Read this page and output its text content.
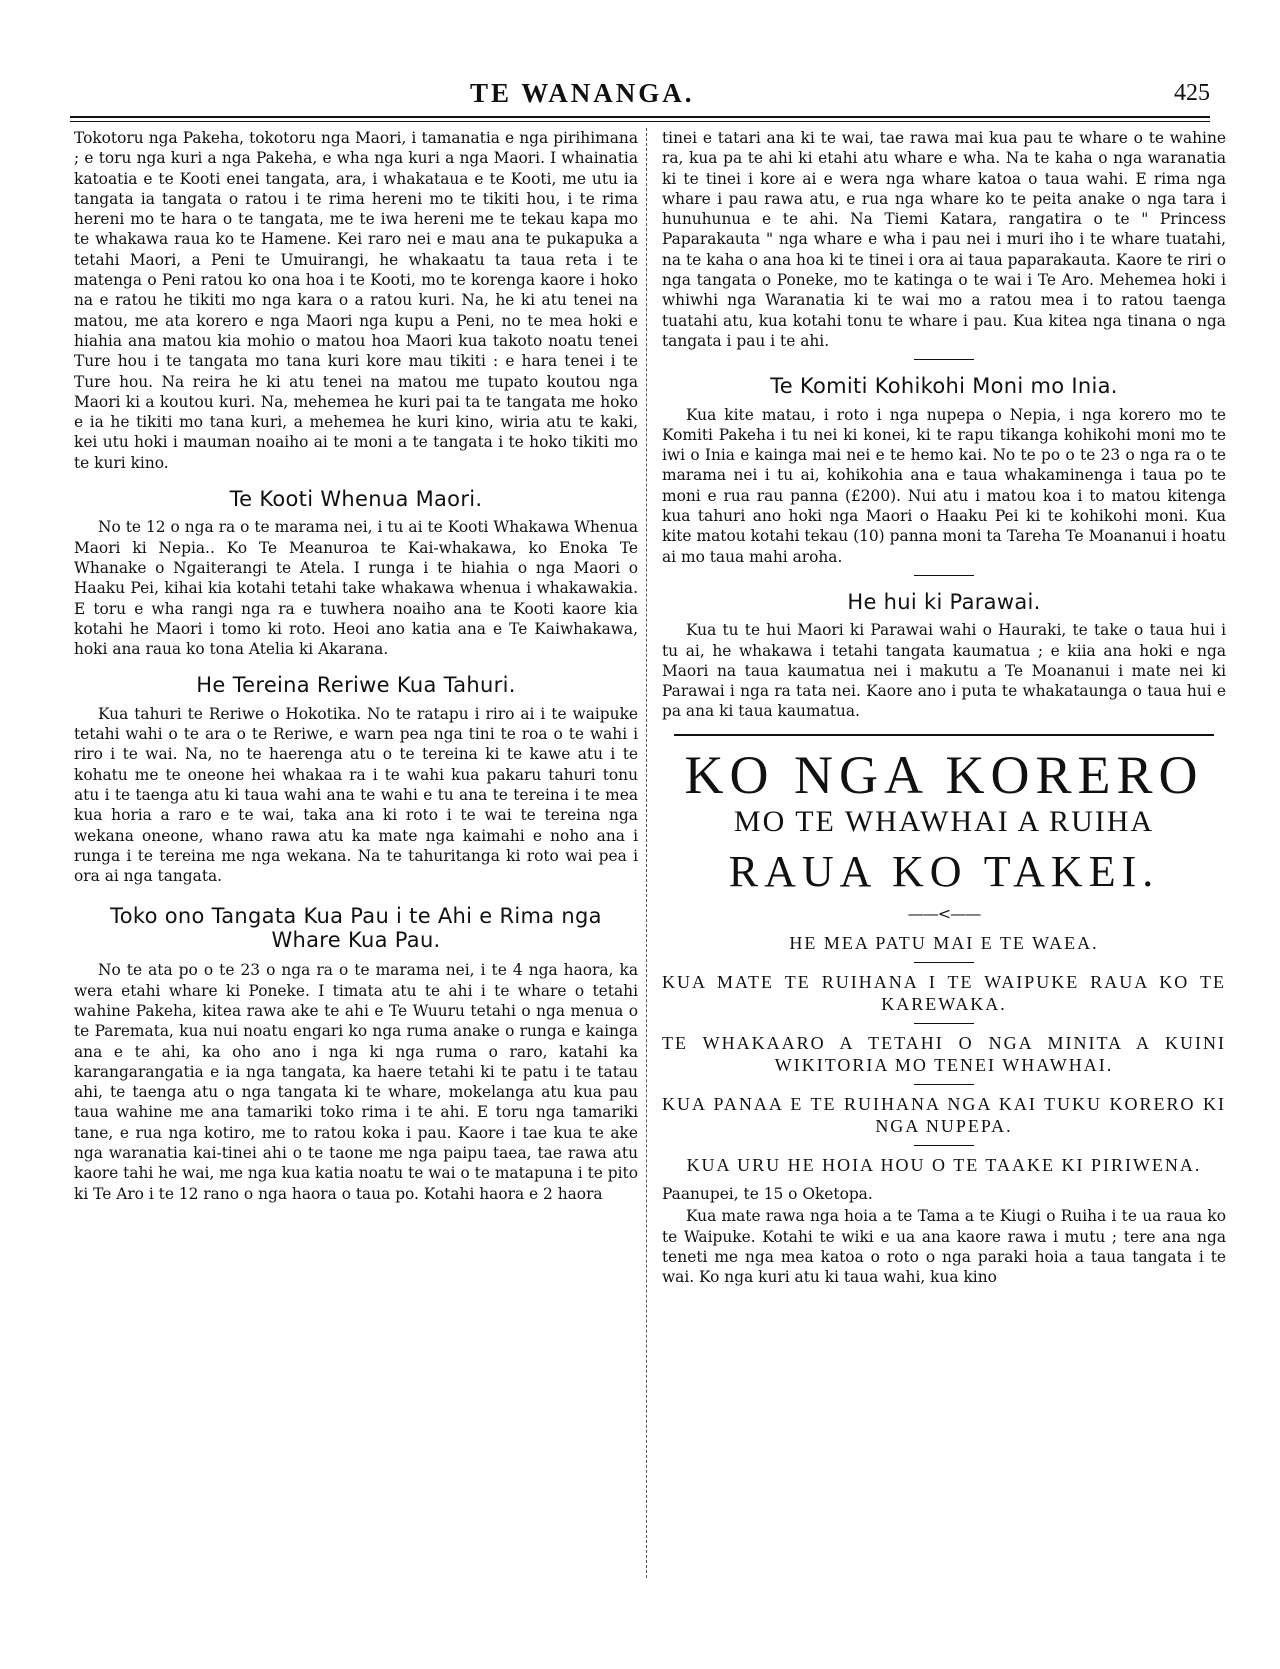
TE WANANGA.	425

Tokotoru nga Pakeha, tokotoru nga Maori, i tamanatia e nga pirihimana ; e toru nga kuri a nga Pakeha, e wha nga kuri a nga Maori. I whainatia katoatia e te Kooti enei tangata, ara, i whakataua e te Kooti, me utu ia tangata ia tangata o ratou i te rima hereni mo te tikiti hou, i te rima hereni mo te hara o te tangata, me te iwa hereni me te tekau kapa mo te whakawa raua ko te Hamene. Kei raro nei e mau ana te pukapuka a tetahi Maori, a Peni te Umuirangi, he whakaatu ta taua reta i te matenga o Peni ratou ko ona hoa i te Kooti, mo te korenga kaore i hoko na e ratou he tikiti mo nga kara o a ratou kuri. Na, he ki atu tenei na matou, me ata korero e nga Maori nga kupu a Peni, no te mea hoki e hiahia ana matou kia mohio o matou hoa Maori kua takoto noatu tenei Ture hou i te tangata mo tana kuri kore mau tikiti : e hara tenei i te Ture hou. Na reira he ki atu tenei na matou me tupato koutou nga Maori ki a koutou kuri. Na, mehemea he kuri pai ta te tangata me hoko e ia he tikiti mo tana kuri, a mehemea he kuri kino, wiria atu te kaki, kei utu hoki i mauman noaiho ai te moni a te tangata i te hoko tikiti mo te kuri kino.

Te Kooti Whenua Maori.

No te 12 o nga ra o te marama nei, i tu ai te Kooti Whakawa Whenua Maori ki Nepia.. Ko Te Meanuroa te Kai-whakawa, ko Enoka Te Whanake o Ngaiterangi te Atela. I runga i te hiahia o nga Maori o Haaku Pei, kihai kia kotahi tetahi take whakawa whenua i whakawakia. E toru e wha rangi nga ra e tuwhera noaiho ana te Kooti kaore kia kotahi he Maori i tomo ki roto. Heoi ano katia ana e Te Kaiwhakawa, hoki ana raua ko tona Atelia ki Akarana.

He Tereina Reriwe Kua Tahuri.

Kua tahuri te Reriwe o Hokotika. No te ratapu i riro ai i te waipuke tetahi wahi o te ara o te Reriwe, e warn pea nga tini te roa o te wahi i riro i te wai. Na, no te haerenga atu o te tereina ki te kawe atu i te kohatu me te oneone hei whakaa ra i te wahi kua pakaru tahuri tonu atu i te taenga atu ki taua wahi ana te wahi e tu ana te tereina i te mea kua horia a raro e te wai, taka ana ki roto i te wai te tereina nga wekana oneone, whano rawa atu ka mate nga kaimahi e noho ana i runga i te tereina me nga wekana. Na te tahuritanga ki roto wai pea i ora ai nga tangata.

Toko ono Tangata Kua Pau i te Ahi e Rima nga Whare Kua Pau.

No te ata po o te 23 o nga ra o te marama nei, i te 4 nga haora, ka wera etahi whare ki Poneke. I timata atu te ahi i te whare o tetahi wahine Pakeha, kitea rawa ake te ahi e Te Wuuru tetahi o nga menua o te Paremata, kua nui noatu engari ko nga ruma anake o runga e kainga ana e te ahi, ka oho ano i nga ki nga ruma o raro, katahi ka karangarangatia e ia nga tangata, ka haere tetahi ki te patu i te tatau ahi, te taenga atu o nga tangata ki te whare, mokelanga atu kua pau taua wahine me ana tamariki toko rima i te ahi. E toru nga tamariki tane, e rua nga kotiro, me to ratou koka i pau. Kaore i tae kua te ake nga waranatia kai-tinei ahi o te taone me nga paipu taea, tae rawa atu kaore tahi he wai, me nga kua katia noatu te wai o te matapuna i te pito ki Te Aro i te 12 rano o nga haora o taua po. Kotahi haora e 2 haora

tinei e tatari ana ki te wai, tae rawa mai kua pau te whare o te wahine ra, kua pa te ahi ki etahi atu whare e wha. Na te kaha o nga waranatia ki te tinei i kore ai e wera nga whare katoa o taua wahi. E rima nga whare i pau rawa atu, e rua nga whare ko te peita anake o nga tara i hunuhunua e te ahi. Na Tiemi Katara, rangatira o te " Princess Paparakauta " nga whare e wha i pau nei i muri iho i te whare tuatahi, na te kaha o ana hoa ki te tinei i ora ai taua paparakauta. Kaore te riri o nga tangata o Poneke, mo te katinga o te wai i Te Aro. Mehemea hoki i whiwhi nga Waranatia ki te wai mo a ratou mea i to ratou taenga tuatahi atu, kua kotahi tonu te whare i pau. Kua kitea nga tinana o nga tangata i pau i te ahi.

Te Komiti Kohikohi Moni mo Inia.

Kua kite matau, i roto i nga nupepa o Nepia, i nga korero mo te Komiti Pakeha i tu nei ki konei, ki te rapu tikanga kohikohi moni mo te iwi o Inia e kainga mai nei e te hemo kai. No te po o te 23 o nga ra o te marama nei i tu ai, kohikohia ana e taua whakaminenga i taua po te moni e rua rau panna (£200). Nui atu i matou koa i to matou kitenga kua tahuri ano hoki nga Maori o Haaku Pei ki te kohikohi moni. Kua kite matou kotahi tekau (10) panna moni ta Tareha Te Moananui i hoatu ai mo taua mahi aroha.

He hui ki Parawai.

Kua tu te hui Maori ki Parawai wahi o Hauraki, te take o taua hui i tu ai, he whakawa i tetahi tangata kaumatua ; e kiia ana hoki e nga Maori na taua kaumatua nei i makutu a Te Moananui i mate nei ki Parawai i nga ra tata nei. Kaore ano i puta te whakataunga o taua hui e pa ana ki taua kaumatua.

KO NGA KORERO
MO TE WHAWHAI A RUIHA
RAUA KO TAKEI.
——<——
HE MEA PATU MAI E TE WAEA.
KUA MATE TE RUIHANA I TE WAIPUKE RAUA KO TE KAREWAKA.
TE WHAKAARO A TETAHI O NGA MINITA A KUINI WIKITORIA MO TENEI WHAWHAI.
KUA PANAA E TE RUIHANA NGA KAI TUKU KORERO KI NGA NUPEPA.
KUA URU HE HOIA HOU O TE TAAKE KI PIRIWENA.

Paanupei, te 15 o Oketopa.

Kua mate rawa nga hoia a te Tama a te Kiugi o Ruiha i te ua raua ko te Waipuke. Kotahi te wiki e ua ana kaore rawa i mutu ; tere ana nga teneti me nga mea katoa o roto o nga paraki hoia a taua tangata i te wai. Ko nga kuri atu ki taua wahi, kua kino
